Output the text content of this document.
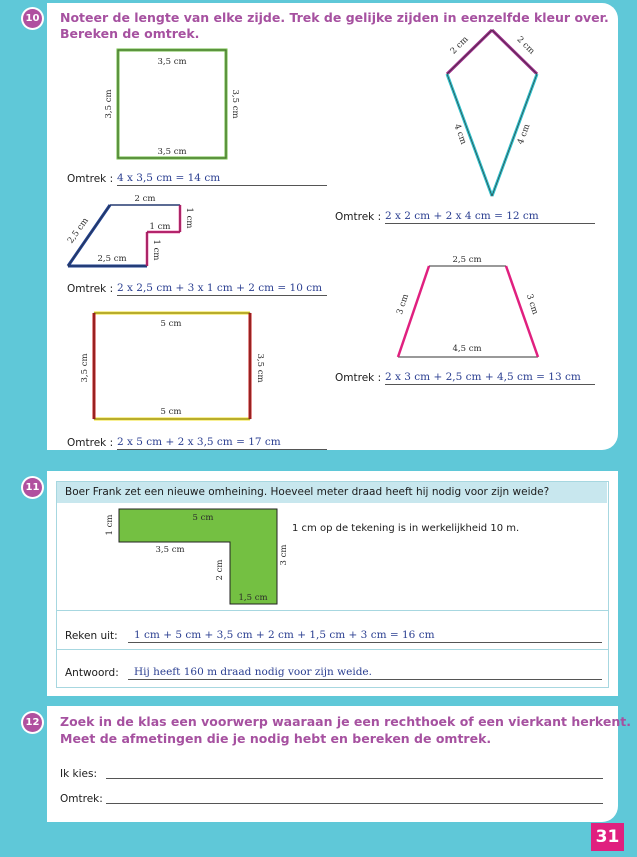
10 Noteer de lengte van elke zijde. Trek de gelijke zijden in eenzelfde kleur over.

Bereken de omtrek.

3,5 cm
3,5 cm
3,5 cm	3,5 cm
2 cm	2 cm
4 cm	4 cm
2 cm
1 cm 1 cm
1 cm
2,5 cm
2,5 cm
2,5 cm
4,5 cm
3 cm	3 cm
5 cm
5 cm
3,5 cm	3,5 cm
Omtrek : 4 x 3,5 cm = 14 cm
Omtrek : 2 x 2 cm + 2 x 4 cm = 12 cm
Omtrek : 2 x 2,5 cm + 3 x 1 cm + 2 cm = 10 cm
Omtrek : 2 x 3 cm + 2,5 cm + 4,5 cm = 13 cm
Omtrek : 2 x 5 cm + 2 x 3,5 cm = 17 cm
11	Boer Frank zet een nieuwe omheining. Hoeveel meter draad heeft hij nodig voor zijn weide?
5 cm
1 cm
3,5 cm
2 cm
1,5 cm
3 cm
1 cm op de tekening is in werkelijkheid 10 m.
Reken uit:	1 cm + 5 cm + 3,5 cm + 2 cm + 1,5 cm + 3 cm = 16 cm
Antwoord:	Hij heeft 160 m draad nodig voor zijn weide.
12 Zoek in de klas een voorwerp waaraan je een rechthoek of een vierkant herkent.

Meet de afmetingen die je nodig hebt en bereken de omtrek.

Ik kies:
Omtrek:
31
